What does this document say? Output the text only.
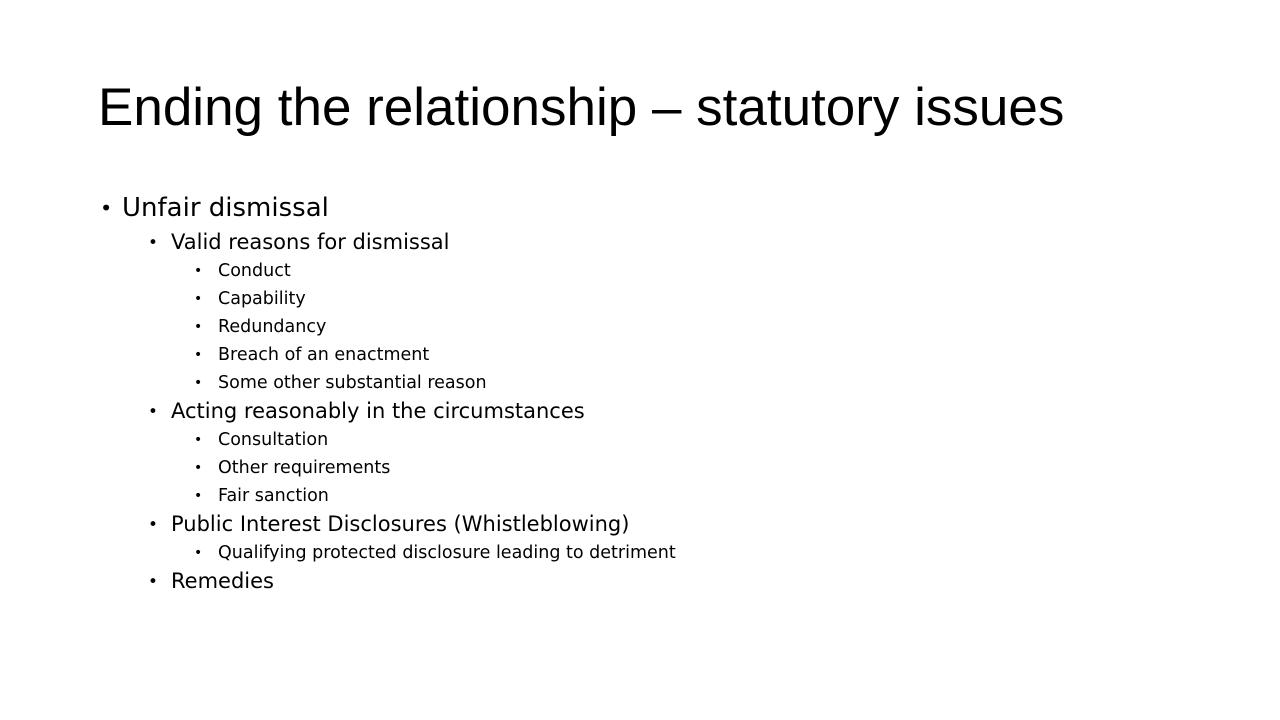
Ending the relationship – statutory issues
• Unfair dismissal
• Valid reasons for dismissal
• Conduct
• Capability
• Redundancy
• Breach of an enactment
• Some other substantial reason
• Acting reasonably in the circumstances
• Consultation
• Other requirements
• Fair sanction
• Public Interest Disclosures (Whistleblowing)
• Qualifying protected disclosure leading to detriment
• Remedies
